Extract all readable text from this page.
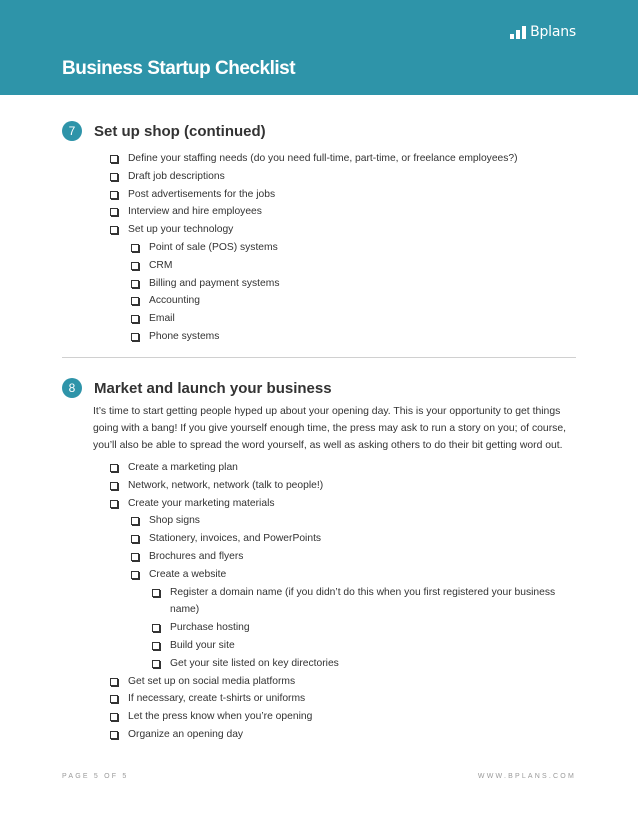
Bplans
Business Startup Checklist
7	Set up shop (continued)
Define your staffing needs (do you need full-time, part-time, or freelance employees?)
Draft job descriptions
Post advertisements for the jobs
Interview and hire employees
Set up your technology
Point of sale (POS) systems
CRM
Billing and payment systems
Accounting
Email
Phone systems
8	Market and launch your business

It’s time to start getting people hyped up about your opening day. This is your opportunity to get things going with a bang! If you give yourself enough time, the press may ask to run a story on you; of course, you’ll also be able to spread the word yourself, as well as asking others to do their bit getting word out.

Create a marketing plan
Network, network, network (talk to people!)
Create your marketing materials
Shop signs
Stationery, invoices, and PowerPoints
Brochures and flyers
Create a website
Register a domain name (if you didn’t do this when you first registered your business name)
Purchase hosting
Build your site
Get your site listed on key directories
Get set up on social media platforms
If necessary, create t-shirts or uniforms
Let the press know when you’re opening
Organize an opening day
PAGE 5 OF 5	WWW.BPLANS.COM
